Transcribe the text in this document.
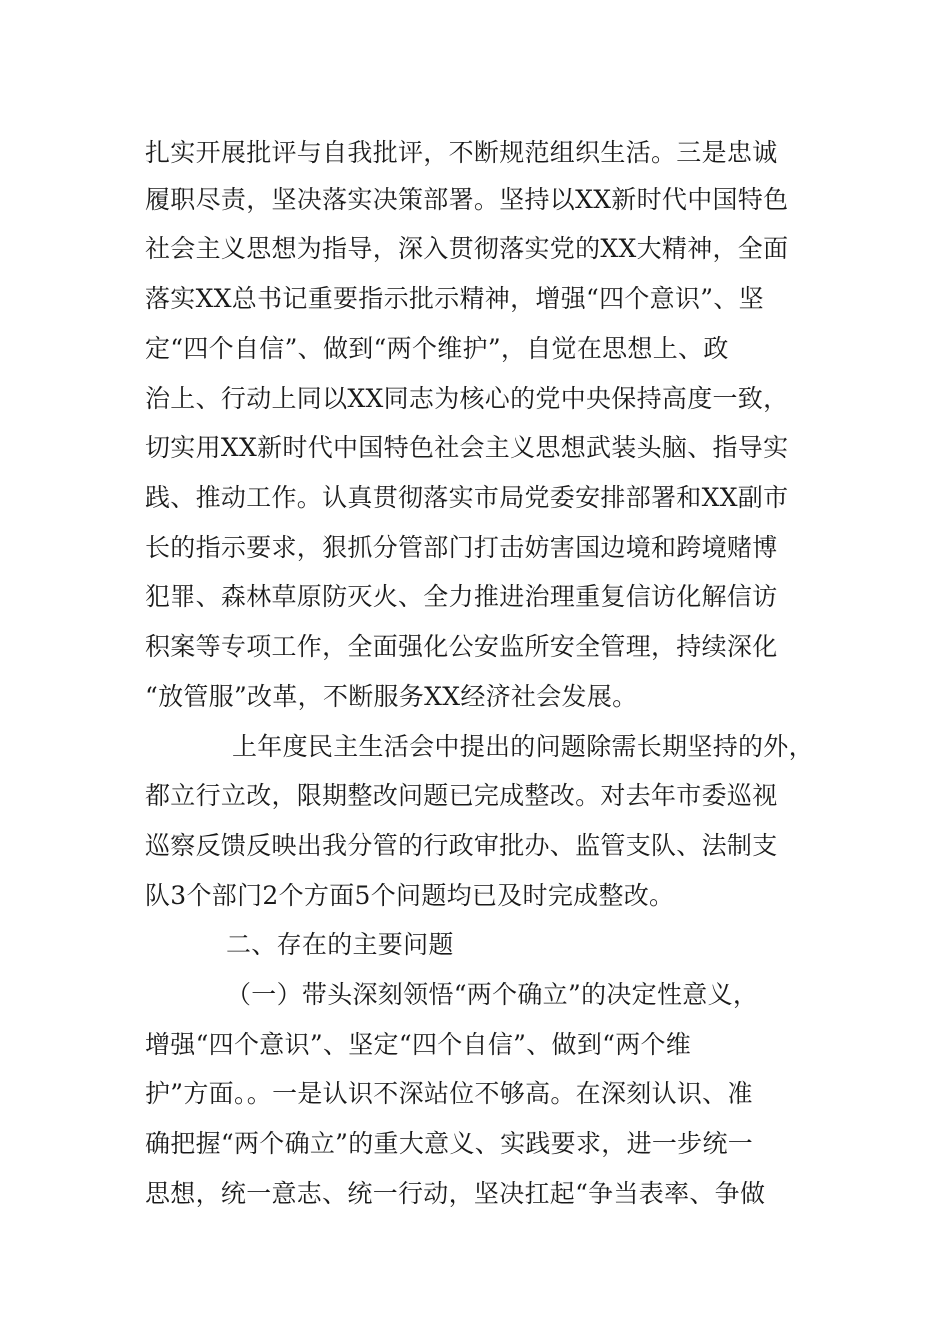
扎实开展批评与自我批评，不断规范组织生活。三是忠诚
履职尽责，坚决落实决策部署。坚持以XX新时代中国特色
社会主义思想为指导，深入贯彻落实党的XX大精神，全面
落实XX总书记重要指示批示精神，增强“四个意识”、坚
定“四个自信”、做到“两个维护”，自觉在思想上、政
治上、行动上同以XX同志为核心的党中央保持高度一致，
切实用XX新时代中国特色社会主义思想武装头脑、指导实
践、推动工作。认真贯彻落实市局党委安排部署和XX副市
长的指示要求，狠抓分管部门打击妨害国边境和跨境赌博
犯罪、森林草原防灭火、全力推进治理重复信访化解信访
积案等专项工作，全面强化公安监所安全管理，持续深化
“放管服”改革，不断服务XX经济社会发展。
上年度民主生活会中提出的问题除需长期坚持的外，
都立行立改，限期整改问题已完成整改。对去年市委巡视
巡察反馈反映出我分管的行政审批办、监管支队、法制支
队3个部门2个方面5个问题均已及时完成整改。
二、存在的主要问题
（一）带头深刻领悟“两个确立”的决定性意义，
增强“四个意识”、坚定“四个自信”、做到“两个维
护”方面。。一是认识不深站位不够高。在深刻认识、准
确把握“两个确立”的重大意义、实践要求，进一步统一
思想，统一意志、统一行动，坚决扛起“争当表率、争做
